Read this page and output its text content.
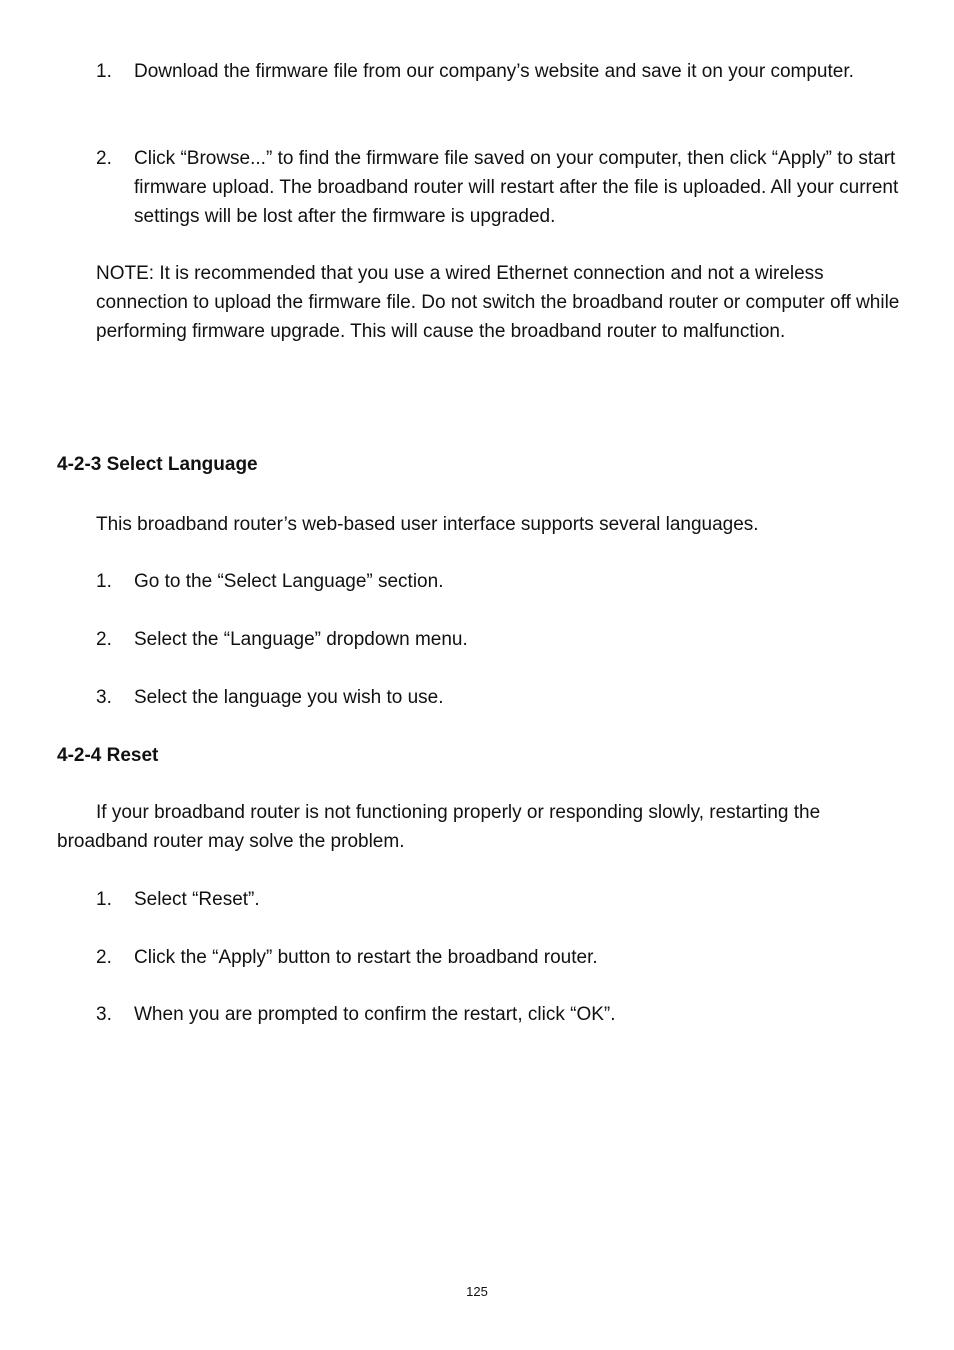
1. Download the firmware file from our company’s website and save it on your computer.
2. Click “Browse...” to find the firmware file saved on your computer, then click “Apply” to start firmware upload. The broadband router will restart after the file is uploaded. All your current settings will be lost after the firmware is upgraded.
NOTE: It is recommended that you use a wired Ethernet connection and not a wireless connection to upload the firmware file. Do not switch the broadband router or computer off while performing firmware upgrade. This will cause the broadband router to malfunction.
4-2-3 Select Language
This broadband router’s web-based user interface supports several languages.
1. Go to the “Select Language” section.
2. Select the “Language” dropdown menu.
3. Select the language you wish to use.
4-2-4 Reset
If your broadband router is not functioning properly or responding slowly, restarting the broadband router may solve the problem.
1. Select “Reset”.
2. Click the “Apply” button to restart the broadband router.
3. When you are prompted to confirm the restart, click “OK”.
125
